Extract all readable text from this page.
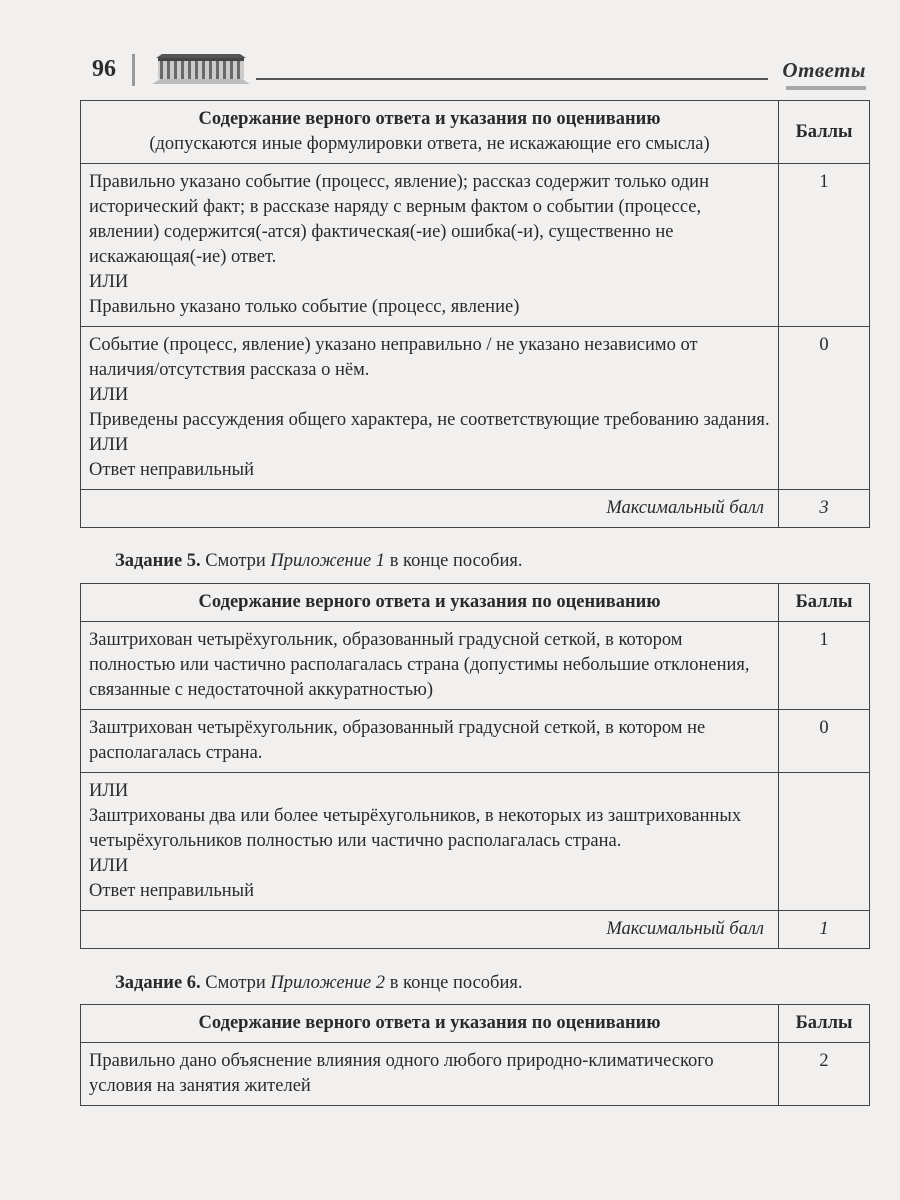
96	Ответы
Содержание верного ответа и указания по оцениванию
(допускаются иные формулировки ответа, не искажающие его смысла)	Баллы

Правильно указано событие (процесс, явление); рассказ содержит только один исторический факт; в рассказе наряду с верным фактом о событии (процессе, явлении) содержится(-атся) фактическая(-ие) ошибка(-и), существенно не искажающая(-ие) ответ.
ИЛИ
Правильно указано только событие (процесс, явление)	1

Событие (процесс, явление) указано неправильно / не указано независимо от наличия/отсутствия рассказа о нём.
ИЛИ
Приведены рассуждения общего характера, не соответствующие требованию задания.
ИЛИ
Ответ неправильный	0
Максимальный балл	3
Задание 5. Смотри Приложение 1 в конце пособия.
Содержание верного ответа и указания по оцениванию	Баллы

Заштрихован четырёхугольник, образованный градусной сеткой, в котором полностью или частично располагалась страна (допустимы небольшие отклонения, связанные с недостаточной аккуратностью)	1

Заштрихован четырёхугольник, образованный градусной сеткой, в котором не располагалась страна.	0

ИЛИ
Заштрихованы два или более четырёхугольников, в некоторых из заштрихованных четырёхугольников полностью или частично располагалась страна.
ИЛИ
Ответ неправильный	

Максимальный балл	1
Задание 6. Смотри Приложение 2 в конце пособия.
Содержание верного ответа и указания по оцениванию	Баллы

Правильно дано объяснение влияния одного любого природно-климатического условия на занятия жителей	2
